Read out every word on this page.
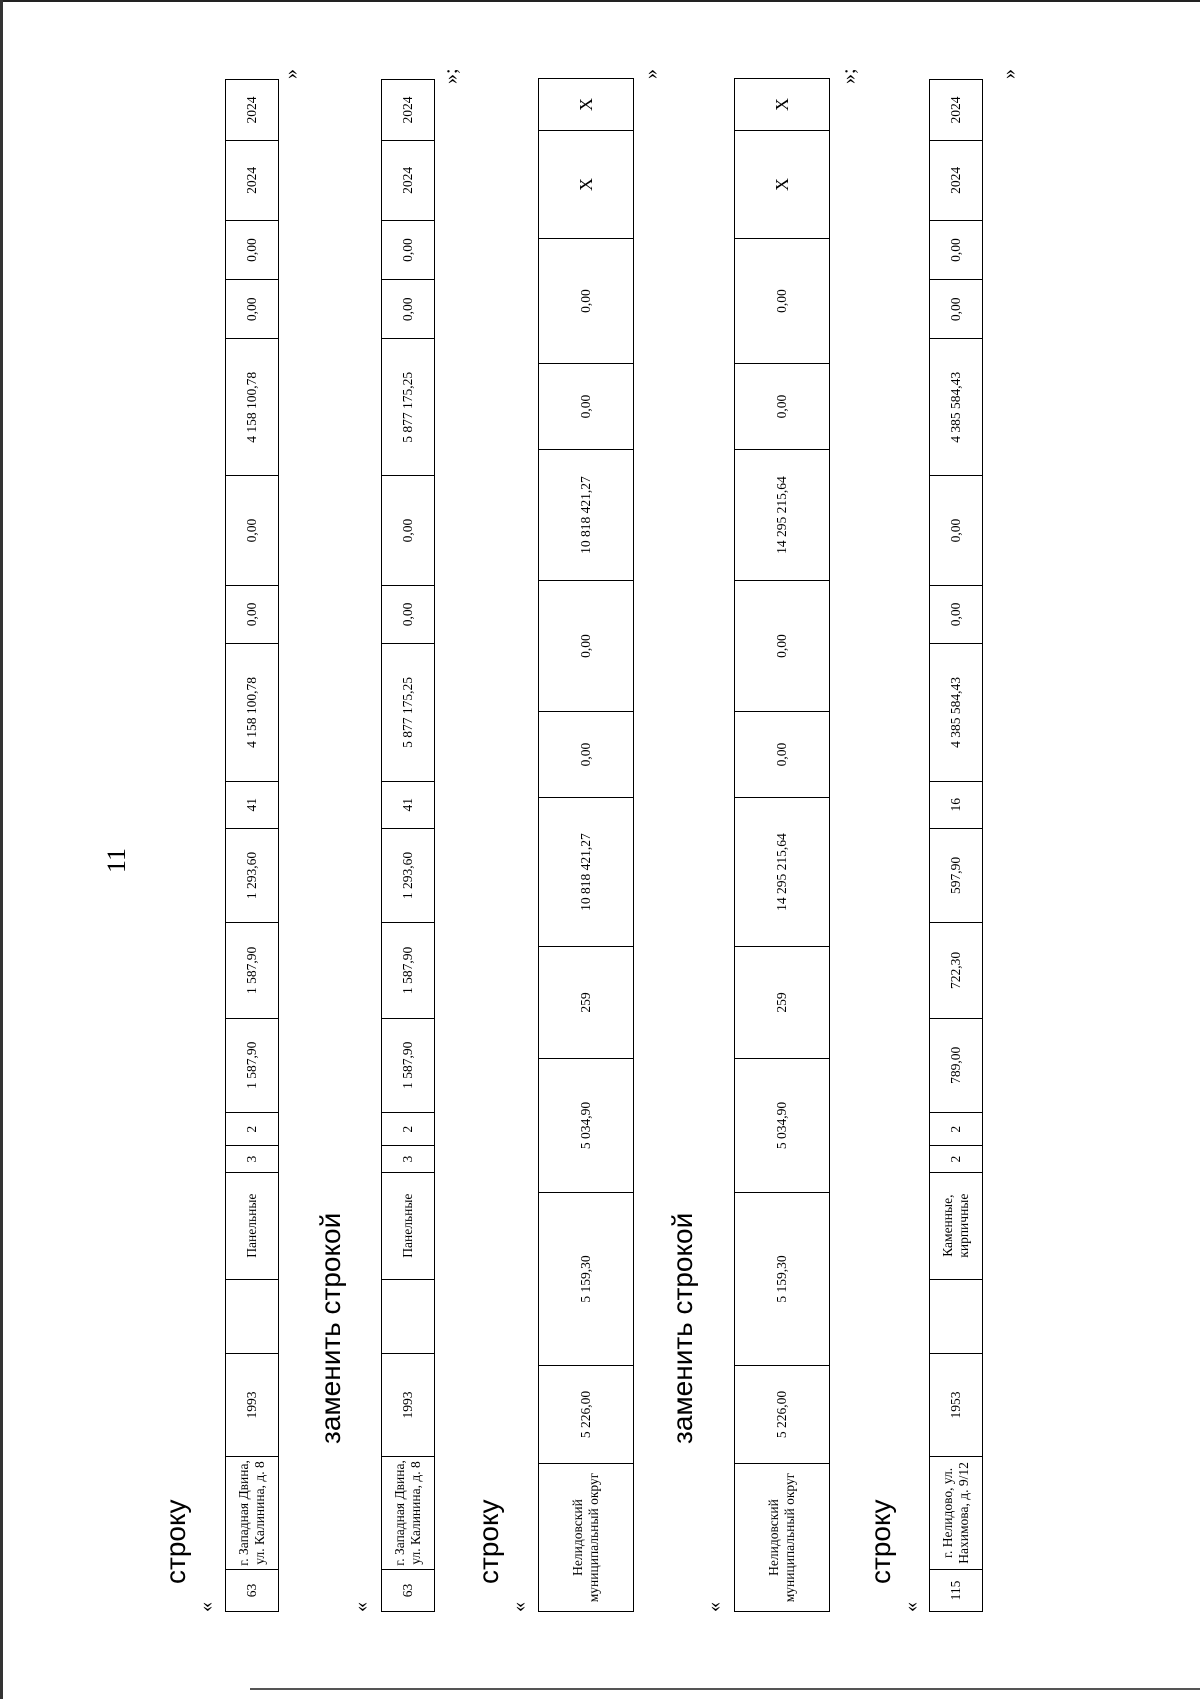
11
строку
«
63	г. Западная Двина, ул. Калинина, д. 8	1993		Панельные	3	2	1 587,90	1 587,90	1 293,60	41	4 158 100,78	0,00	0,00	4 158 100,78	0,00	0,00	2024	2024
»
заменить строкой
«
63	г. Западная Двина, ул. Калинина, д. 8	1993		Панельные	3	2	1 587,90	1 587,90	1 293,60	41	5 877 175,25	0,00	0,00	5 877 175,25	0,00	0,00	2024	2024
»;
строку
«
Нелидовский муниципальный округ	5 226,00	5 159,30	5 034,90	259	10 818 421,27	0,00	0,00	10 818 421,27	0,00	0,00	X	X
»
заменить строкой
«
Нелидовский муниципальный округ	5 226,00	5 159,30	5 034,90	259	14 295 215,64	0,00	0,00	14 295 215,64	0,00	0,00	X	X
»;
строку
«
115	г. Нелидово, ул. Нахимова, д. 9/12	1953		Каменные, кирпичные	2	2	789,00	722,30	597,90	16	4 385 584,43	0,00	0,00	4 385 584,43	0,00	0,00	2024	2024
»
